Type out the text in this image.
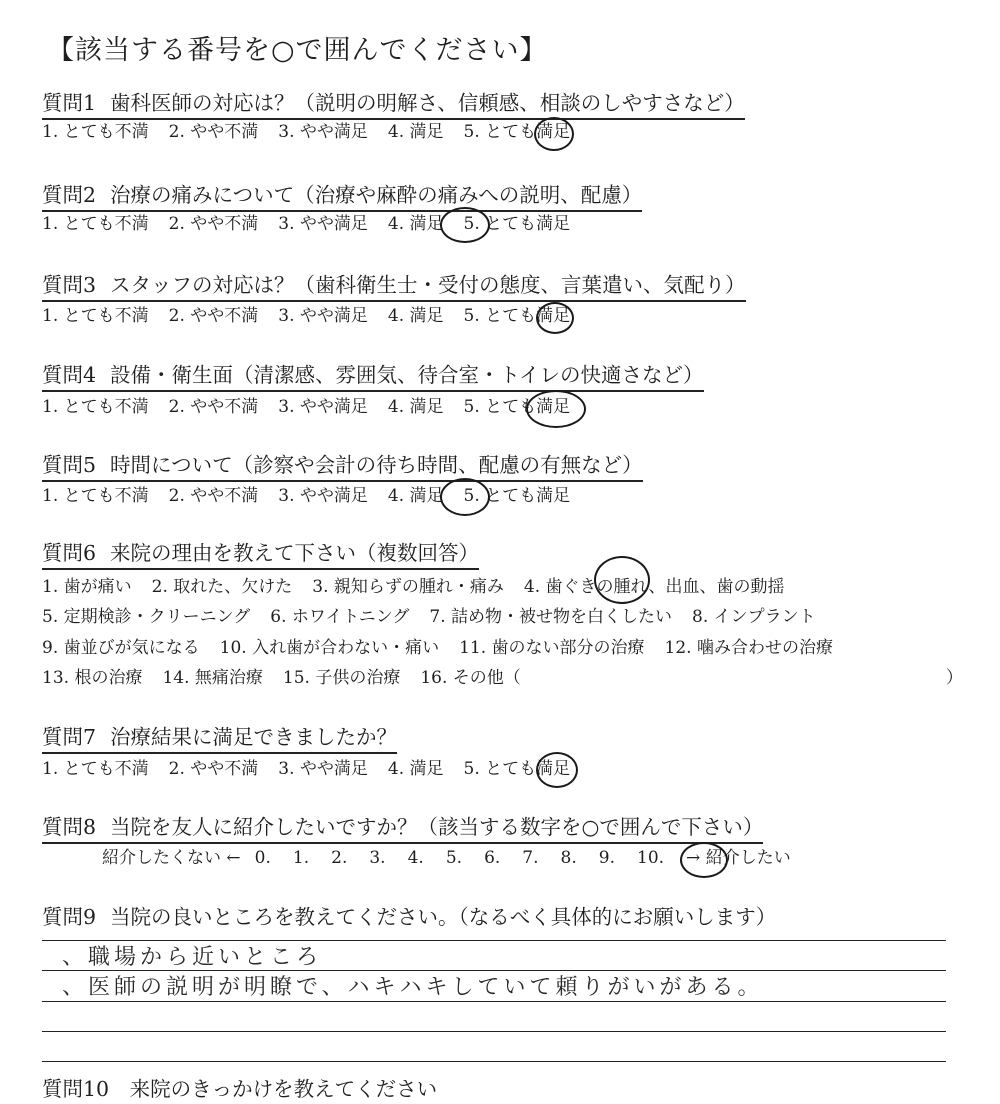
【該当する番号を○で囲んでください】
質問1 歯科医師の対応は？（説明の明解さ、信頼感、相談のしやすさなど）
1. とても不満 2. やや不満 3. やや満足 4. 満足 5. とても満足
質問2 治療の痛みについて（治療や麻酔の痛みへの説明、配慮）
1. とても不満 2. やや不満 3. やや満足 4. 満足 5. とても満足
質問3 スタッフの対応は？（歯科衛生士・受付の態度、言葉遣い、気配り）
1. とても不満 2. やや不満 3. やや満足 4. 満足 5. とても満足
質問4 設備・衛生面（清潔感、雰囲気、待合室・トイレの快適さなど）
1. とても不満 2. やや不満 3. やや満足 4. 満足 5. とても満足
質問5 時間について（診察や会計の待ち時間、配慮の有無など）
1. とても不満 2. やや不満 3. やや満足 4. 満足 5. とても満足
質問6 来院の理由を教えて下さい（複数回答）
1. 歯が痛い 2. 取れた、欠けた 3. 親知らずの腫れ・痛み 4. 歯ぐきの腫れ、出血、歯の動揺
5. 定期検診・クリーニング 6. ホワイトニング 7. 詰め物・被せ物を白くしたい 8. インプラント
9. 歯並びが気になる 10. 入れ歯が合わない・痛い 11. 歯のない部分の治療 12. 噛み合わせの治療
13. 根の治療 14. 無痛治療 15. 子供の治療 16. その他（	）
質問7 治療結果に満足できましたか？
1. とても不満 2. やや不満 3. やや満足 4. 満足 5. とても満足
質問8 当院を友人に紹介したいですか？（該当する数字を○で囲んで下さい）
紹介したくない ← 0. 1. 2. 3. 4. 5. 6. 7. 8. 9. 10. → 紹介したい
質問9 当院の良いところを教えてください。（なるべく具体的にお願いします）
、職場から近いところ
、医師の説明が明瞭で、ハキハキしていて頼りがいがある。
質問10　来院のきっかけを教えてください
